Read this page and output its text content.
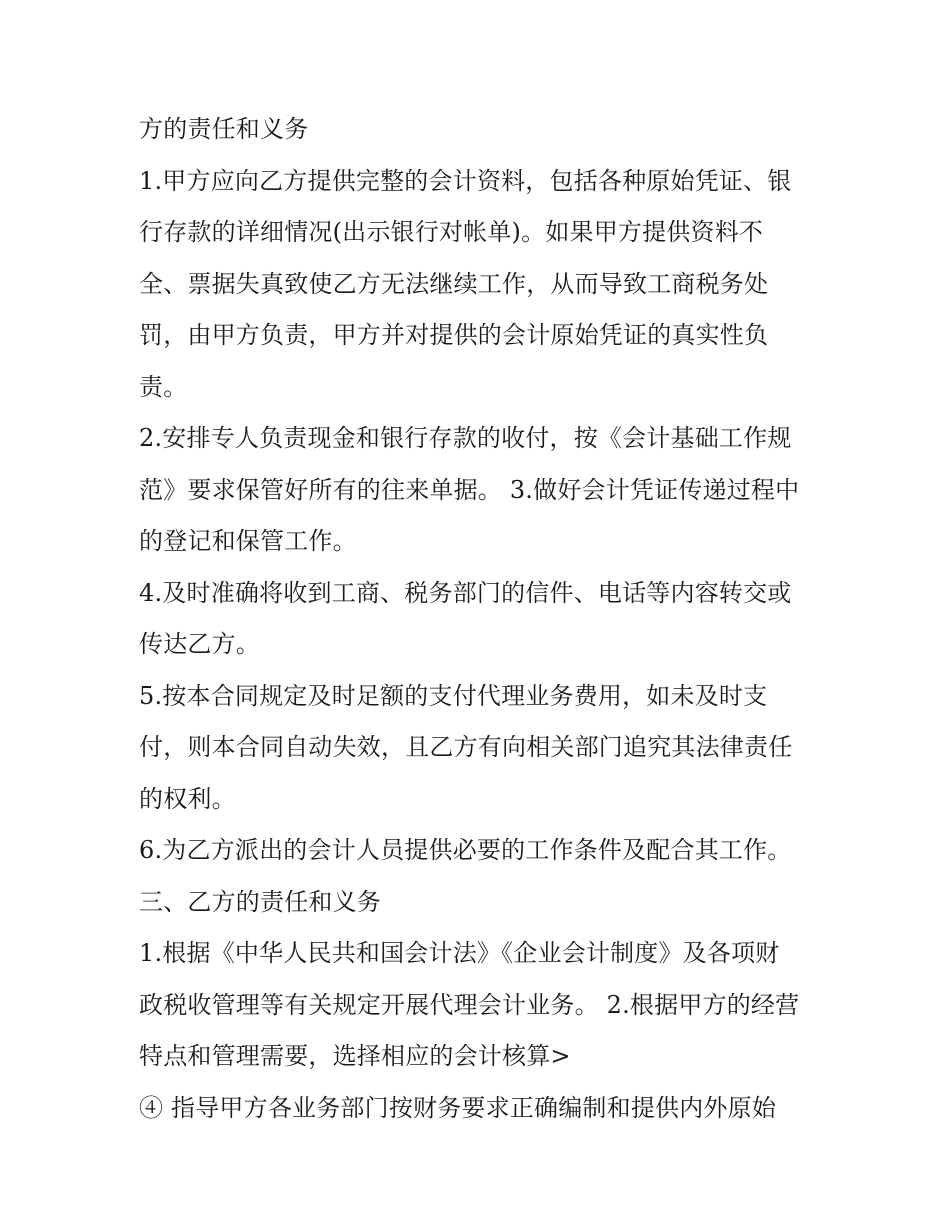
方的责任和义务
1.甲方应向乙方提供完整的会计资料，包括各种原始凭证、银
行存款的详细情况(出示银行对帐单)。如果甲方提供资料不
全、票据失真致使乙方无法继续工作，从而导致工商税务处
罚，由甲方负责，甲方并对提供的会计原始凭证的真实性负
责。
2.安排专人负责现金和银行存款的收付，按《会计基础工作规
范》要求保管好所有的往来单据。 3.做好会计凭证传递过程中
的登记和保管工作。
4.及时准确将收到工商、税务部门的信件、电话等内容转交或
传达乙方。
5.按本合同规定及时足额的支付代理业务费用，如未及时支
付，则本合同自动失效，且乙方有向相关部门追究其法律责任
的权利。
6.为乙方派出的会计人员提供必要的工作条件及配合其工作。
三、乙方的责任和义务
1.根据《中华人民共和国会计法》《企业会计制度》及各项财
政税收管理等有关规定开展代理会计业务。 2.根据甲方的经营
特点和管理需要，选择相应的会计核算>
④ 指导甲方各业务部门按财务要求正确编制和提供内外原始
